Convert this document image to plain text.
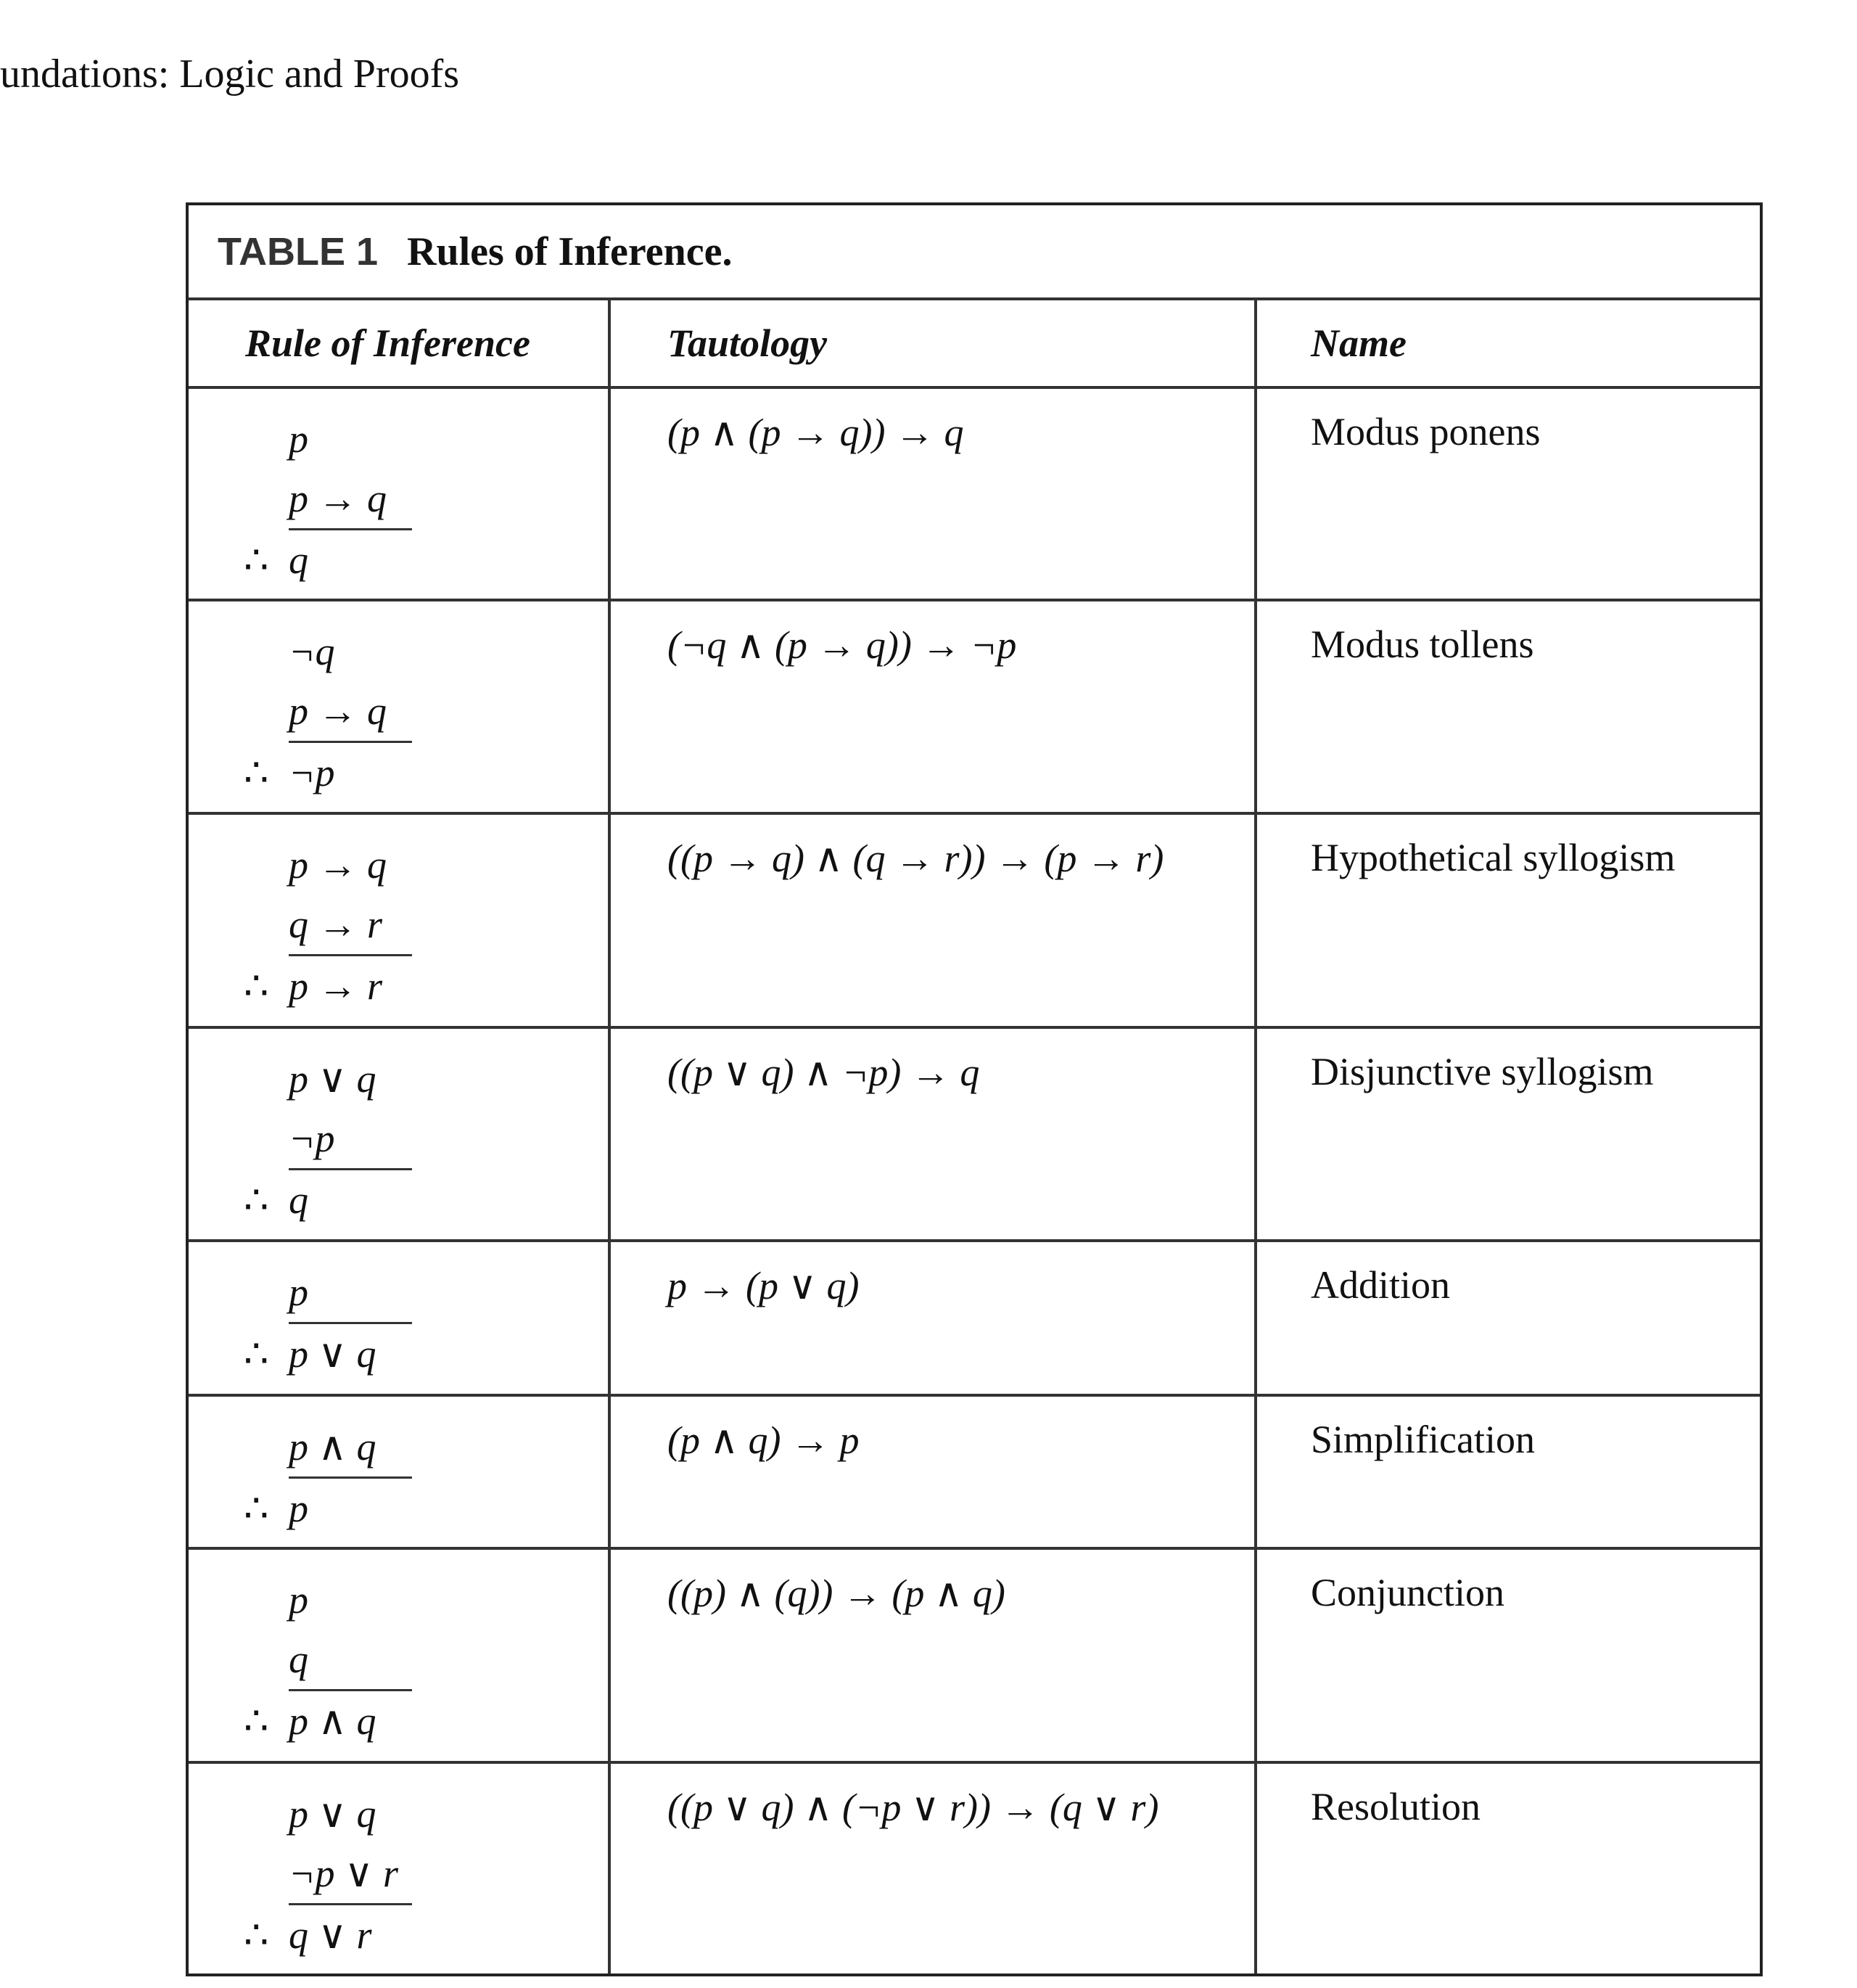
undations: Logic and Proofs
TABLE 1 Rules of Inference.
Rule of Inference	Tautology	Name
p
p → q
∴ q
(p ∧ (p → q)) → q	Modus ponens
¬q
p → q
∴ ¬p
(¬q ∧ (p → q)) → ¬p	Modus tollens
p → q
q → r
∴ p → r
((p → q) ∧ (q → r)) → (p → r)	Hypothetical syllogism
p ∨ q
¬p
∴ q
((p ∨ q) ∧ ¬p) → q	Disjunctive syllogism
p
∴ p ∨ q
p → (p ∨ q)	Addition
p ∧ q
∴ p
(p ∧ q) → p	Simplification
p
q
∴ p ∧ q
((p) ∧ (q)) → (p ∧ q)	Conjunction
p ∨ q
¬p ∨ r
∴ q ∨ r
((p ∨ q) ∧ (¬p ∨ r)) → (q ∨ r)	Resolution
